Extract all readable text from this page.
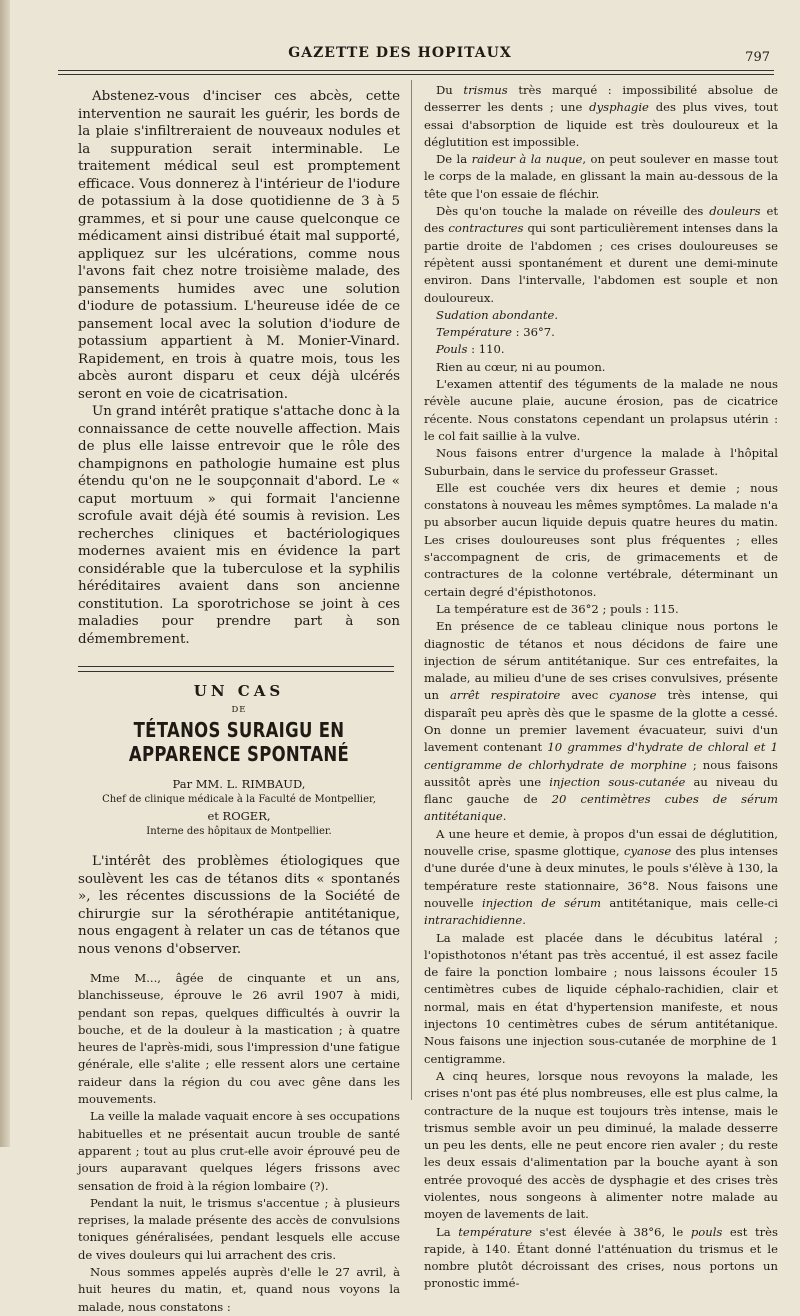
GAZETTE DES HOPITAUX	797

Abstenez-vous d'inciser ces abcès, cette intervention ne saurait les guérir, les bords de la plaie s'infiltreraient de nouveaux nodules et la suppuration serait interminable. Le traitement médical seul est promptement efficace. Vous donnerez à l'intérieur de l'iodure de potassium à la dose quotidienne de 3 à 5 grammes, et si pour une cause quelconque ce médicament ainsi distribué était mal supporté, appliquez sur les ulcérations, comme nous l'avons fait chez notre troisième malade, des pansements humides avec une solution d'iodure de potassium. L'heureuse idée de ce pansement local avec la solution d'iodure de potassium appartient à M. Monier-Vinard. Rapidement, en trois à quatre mois, tous les abcès auront disparu et ceux déjà ulcérés seront en voie de cicatrisation.

Un grand intérêt pratique s'attache donc à la connaissance de cette nouvelle affection. Mais de plus elle laisse entrevoir que le rôle des champignons en pathologie humaine est plus étendu qu'on ne le soupçonnait d'abord. Le « caput mortuum » qui formait l'ancienne scrofule avait déjà été soumis à revision. Les recherches cliniques et bactériologiques modernes avaient mis en évidence la part considérable que la tuberculose et la syphilis héréditaires avaient dans son ancienne constitution. La sporotrichose se joint à ces maladies pour prendre part à son démembrement.

UN CAS
DE
TÉTANOS SURAIGU EN APPARENCE SPONTANÉ
Par MM. L. RIMBAUD,
Chef de clinique médicale à la Faculté de Montpellier,
et ROGER,
Interne des hôpitaux de Montpellier.

L'intérêt des problèmes étiologiques que soulèvent les cas de tétanos dits « spontanés », les récentes discussions de la Société de chirurgie sur la sérothérapie antitétanique, nous engagent à relater un cas de tétanos que nous venons d'observer.

Mme M..., âgée de cinquante et un ans, blanchisseuse, éprouve le 26 avril 1907 à midi, pendant son repas, quelques difficultés à ouvrir la bouche, et de la douleur à la mastication ; à quatre heures de l'après-midi, sous l'impression d'une fatigue générale, elle s'alite ; elle ressent alors une certaine raideur dans la région du cou avec gêne dans les mouvements.

La veille la malade vaquait encore à ses occupations habituelles et ne présentait aucun trouble de santé apparent ; tout au plus crut-elle avoir éprouvé peu de jours auparavant quelques légers frissons avec sensation de froid à la région lombaire (?).

Pendant la nuit, le trismus s'accentue ; à plusieurs reprises, la malade présente des accès de convulsions toniques généralisées, pendant lesquels elle accuse de vives douleurs qui lui arrachent des cris.

Nous sommes appelés auprès d'elle le 27 avril, à huit heures du matin, et, quand nous voyons la malade, nous constatons :

Du trismus très marqué : impossibilité absolue de desserrer les dents ; une dysphagie des plus vives, tout essai d'absorption de liquide est très douloureux et la déglutition est impossible.

De la raideur à la nuque, on peut soulever en masse tout le corps de la malade, en glissant la main au-dessous de la tête que l'on essaie de fléchir.

Dès qu'on touche la malade on réveille des douleurs et des contractures qui sont particulièrement intenses dans la partie droite de l'abdomen ; ces crises douloureuses se répètent aussi spontanément et durent une demi-minute environ. Dans l'intervalle, l'abdomen est souple et non douloureux.

Sudation abondante.

Température : 36°7.

Pouls : 110.

Rien au cœur, ni au poumon.

L'examen attentif des téguments de la malade ne nous révèle aucune plaie, aucune érosion, pas de cicatrice récente. Nous constatons cependant un prolapsus utérin : le col fait saillie à la vulve.

Nous faisons entrer d'urgence la malade à l'hôpital Suburbain, dans le service du professeur Grasset.

Elle est couchée vers dix heures et demie ; nous constatons à nouveau les mêmes symptômes. La malade n'a pu absorber aucun liquide depuis quatre heures du matin. Les crises douloureuses sont plus fréquentes ; elles s'accompagnent de cris, de grimacements et de contractures de la colonne vertébrale, déterminant un certain degré d'épisthotonos.

La température est de 36°2 ; pouls : 115.

En présence de ce tableau clinique nous portons le diagnostic de tétanos et nous décidons de faire une injection de sérum antitétanique. Sur ces entrefaites, la malade, au milieu d'une de ses crises convulsives, présente un arrêt respiratoire avec cyanose très intense, qui disparaît peu après dès que le spasme de la glotte a cessé. On donne un premier lavement évacuateur, suivi d'un lavement contenant 10 grammes d'hydrate de chloral et 1 centigramme de chlorhydrate de morphine ; nous faisons aussitôt après une injection sous-cutanée au niveau du flanc gauche de 20 centimètres cubes de sérum antitétanique.

A une heure et demie, à propos d'un essai de déglutition, nouvelle crise, spasme glottique, cyanose des plus intenses d'une durée d'une à deux minutes, le pouls s'élève à 130, la température reste stationnaire, 36°8. Nous faisons une nouvelle injection de sérum antitétanique, mais celle-ci intrarachidienne.

La malade est placée dans le décubitus latéral ; l'opisthotonos n'étant pas très accentué, il est assez facile de faire la ponction lombaire ; nous laissons écouler 15 centimètres cubes de liquide céphalo-rachidien, clair et normal, mais en état d'hypertension manifeste, et nous injectons 10 centimètres cubes de sérum antitétanique. Nous faisons une injection sous-cutanée de morphine de 1 centigramme.

A cinq heures, lorsque nous revoyons la malade, les crises n'ont pas été plus nombreuses, elle est plus calme, la contracture de la nuque est toujours très intense, mais le trismus semble avoir un peu diminué, la malade desserre un peu les dents, elle ne peut encore rien avaler ; du reste les deux essais d'alimentation par la bouche ayant à son entrée provoqué des accès de dysphagie et des crises très violentes, nous songeons à alimenter notre malade au moyen de lavements de lait.

La température s'est élevée à 38°6, le pouls est très rapide, à 140. Étant donné l'atténuation du trismus et le nombre plutôt décroissant des crises, nous portons un pronostic immé-
